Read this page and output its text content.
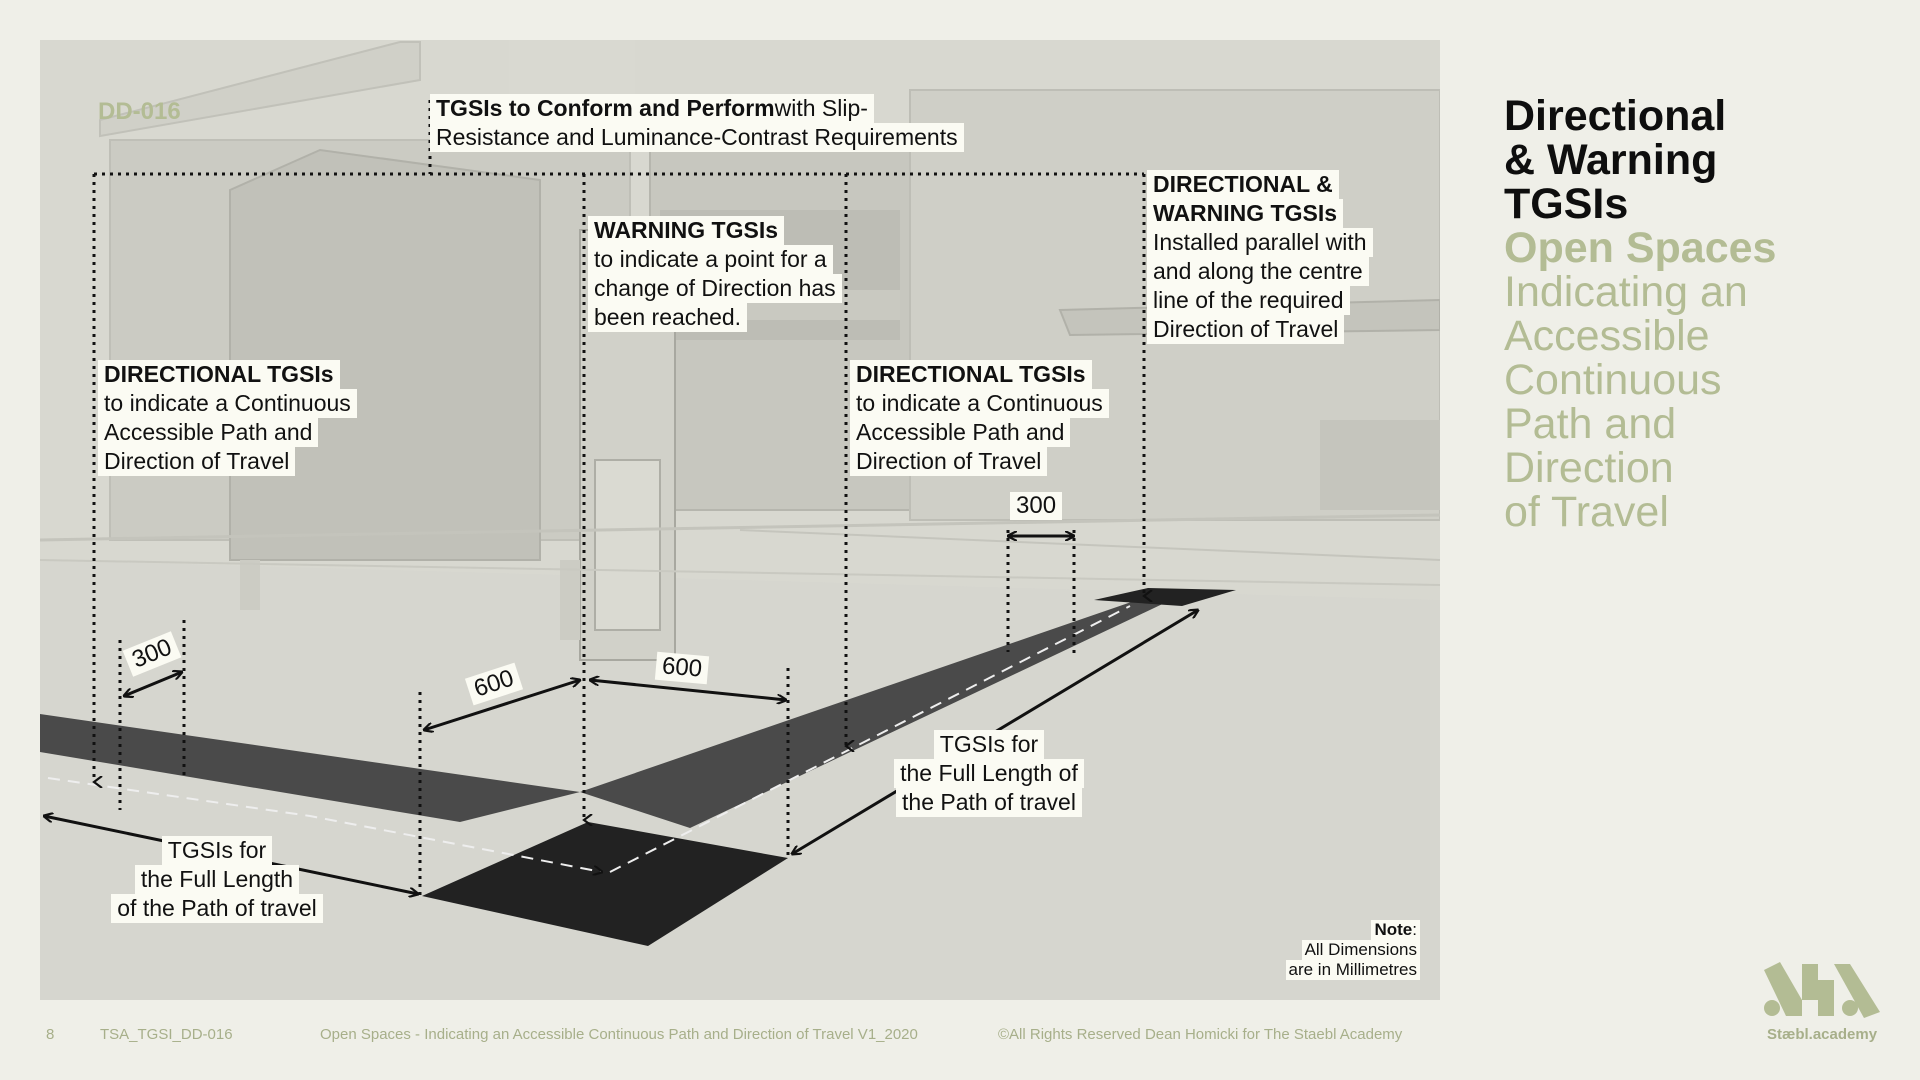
DD-016	TGSIs to Conform and Performwith Slip-
Resistance and Luminance-Contrast Requirements
WARNING TGSIs
to indicate a point for a
change of Direction has
been reached.
DIRECTIONAL &
WARNING TGSIs
Installed parallel with
and along the centre
line of the required
Direction of Travel
DIRECTIONAL TGSIs
to indicate a Continuous
Accessible Path and
Direction of Travel
DIRECTIONAL TGSIs
to indicate a Continuous
Accessible Path and
Direction of Travel
TGSIs for
the Full Length
of the Path of travel
TGSIs for
the Full Length of
the Path of travel
300
600	600
300
Note:
All Dimensions
are in Millimetres
Directional
& Warning
TGSIs
Open Spaces
Indicating an
Accessible
Continuous
Path and
Direction
of Travel
8	TSA_TGSI_DD-016	Open Spaces - Indicating an Accessible Continuous Path and Direction of Travel V1_2020	©All Rights Reserved Dean Homicki for The Staebl Academy	Stæbl.academy
